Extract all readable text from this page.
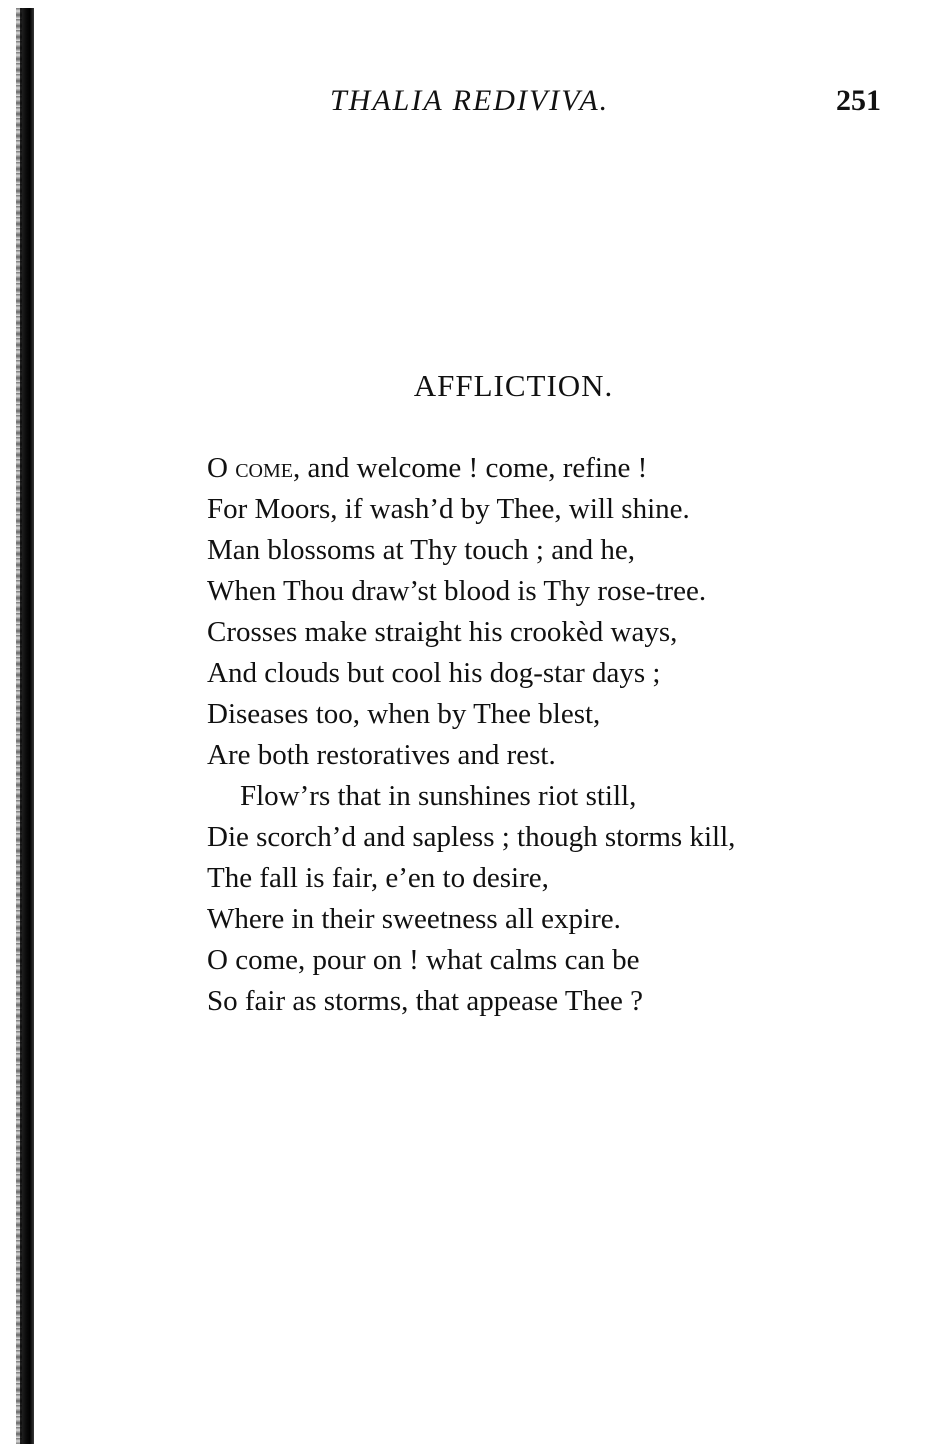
THALIA REDIVIVA.	251
AFFLICTION.
O come, and welcome ! come, refine !
For Moors, if wash’d by Thee, will shine.
Man blossoms at Thy touch ; and he,
When Thou draw’st blood is Thy rose-tree.
Crosses make straight his crookèd ways,
And clouds but cool his dog-star days ;
Diseases too, when by Thee blest,
Are both restoratives and rest.
Flow’rs that in sunshines riot still,
Die scorch’d and sapless ; though storms kill,
The fall is fair, e’en to desire,
Where in their sweetness all expire.
O come, pour on ! what calms can be
So fair as storms, that appease Thee ?
